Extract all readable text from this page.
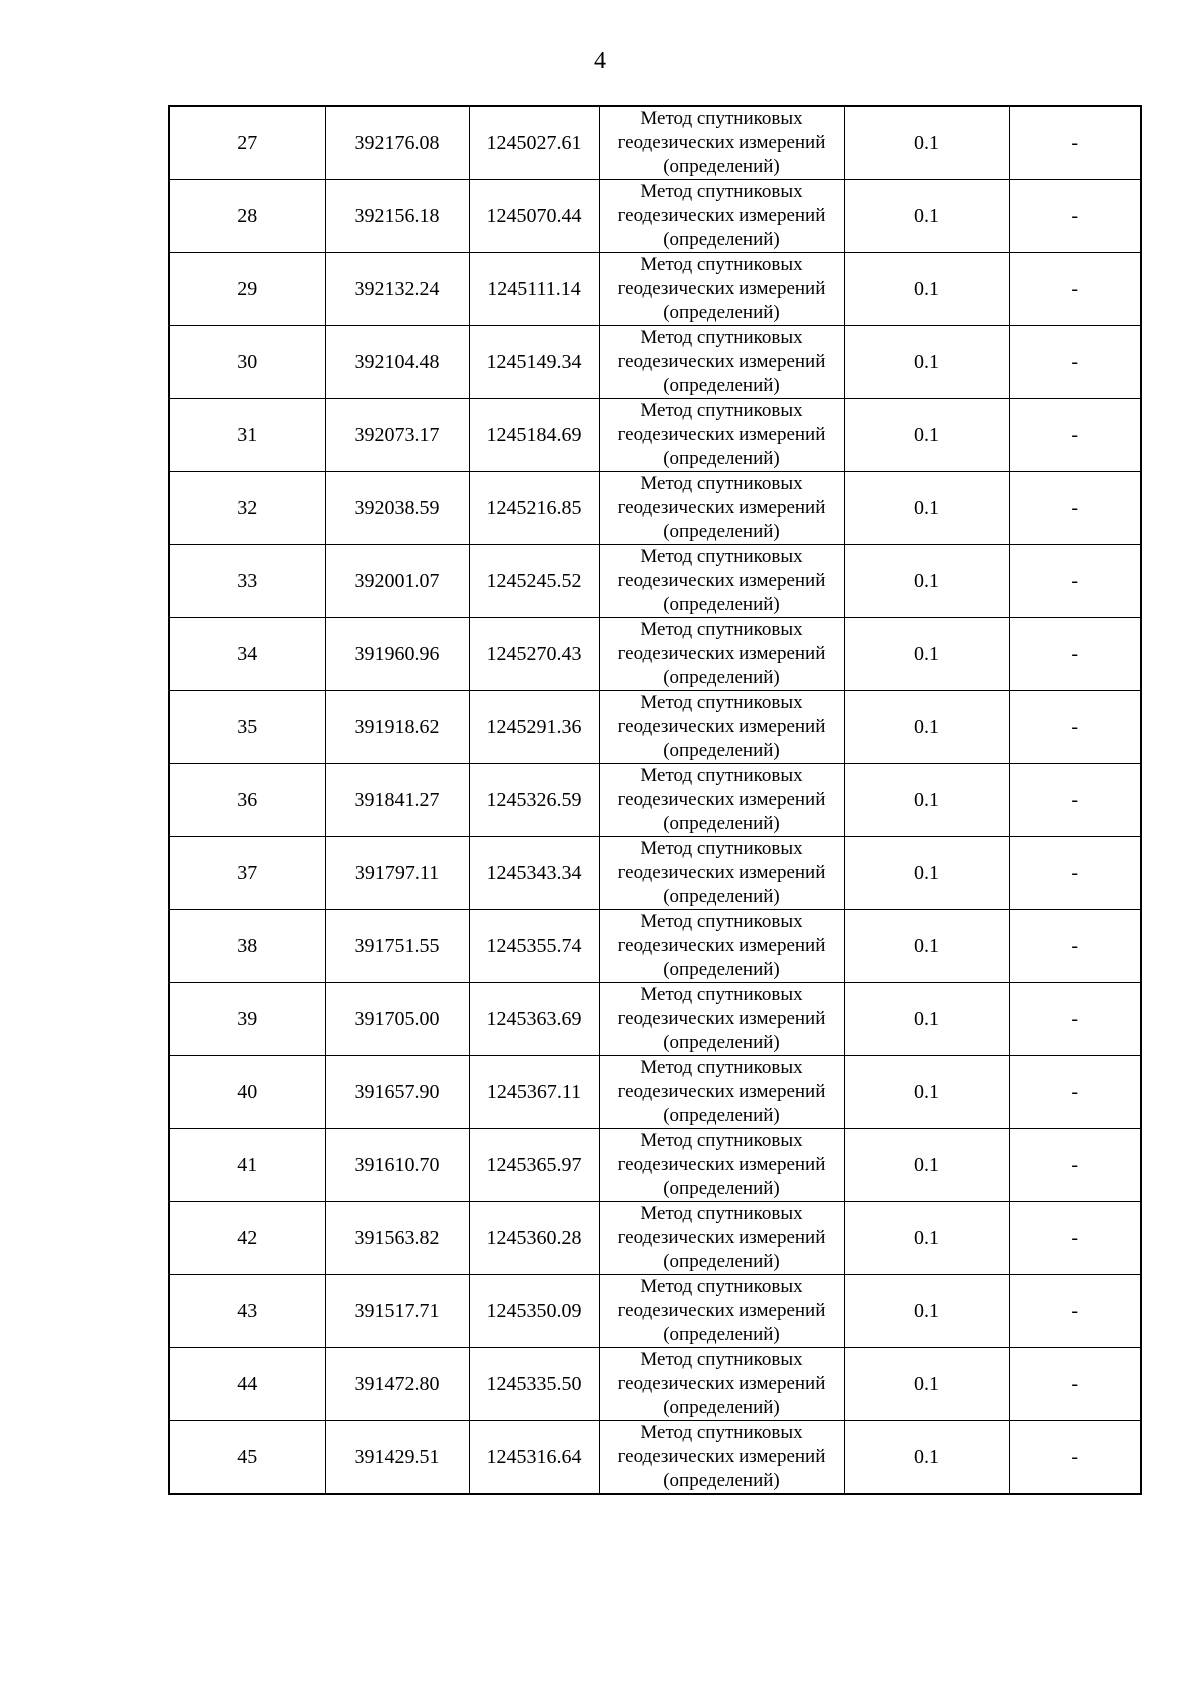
4
27	392176.08	1245027.61	Метод спутниковых геодезических измерений (определений)	0.1	-
28	392156.18	1245070.44	Метод спутниковых геодезических измерений (определений)	0.1	-
29	392132.24	1245111.14	Метод спутниковых геодезических измерений (определений)	0.1	-
30	392104.48	1245149.34	Метод спутниковых геодезических измерений (определений)	0.1	-
31	392073.17	1245184.69	Метод спутниковых геодезических измерений (определений)	0.1	-
32	392038.59	1245216.85	Метод спутниковых геодезических измерений (определений)	0.1	-
33	392001.07	1245245.52	Метод спутниковых геодезических измерений (определений)	0.1	-
34	391960.96	1245270.43	Метод спутниковых геодезических измерений (определений)	0.1	-
35	391918.62	1245291.36	Метод спутниковых геодезических измерений (определений)	0.1	-
36	391841.27	1245326.59	Метод спутниковых геодезических измерений (определений)	0.1	-
37	391797.11	1245343.34	Метод спутниковых геодезических измерений (определений)	0.1	-
38	391751.55	1245355.74	Метод спутниковых геодезических измерений (определений)	0.1	-
39	391705.00	1245363.69	Метод спутниковых геодезических измерений (определений)	0.1	-
40	391657.90	1245367.11	Метод спутниковых геодезических измерений (определений)	0.1	-
41	391610.70	1245365.97	Метод спутниковых геодезических измерений (определений)	0.1	-
42	391563.82	1245360.28	Метод спутниковых геодезических измерений (определений)	0.1	-
43	391517.71	1245350.09	Метод спутниковых геодезических измерений (определений)	0.1	-
44	391472.80	1245335.50	Метод спутниковых геодезических измерений (определений)	0.1	-
45	391429.51	1245316.64	Метод спутниковых геодезических измерений (определений)	0.1	-
